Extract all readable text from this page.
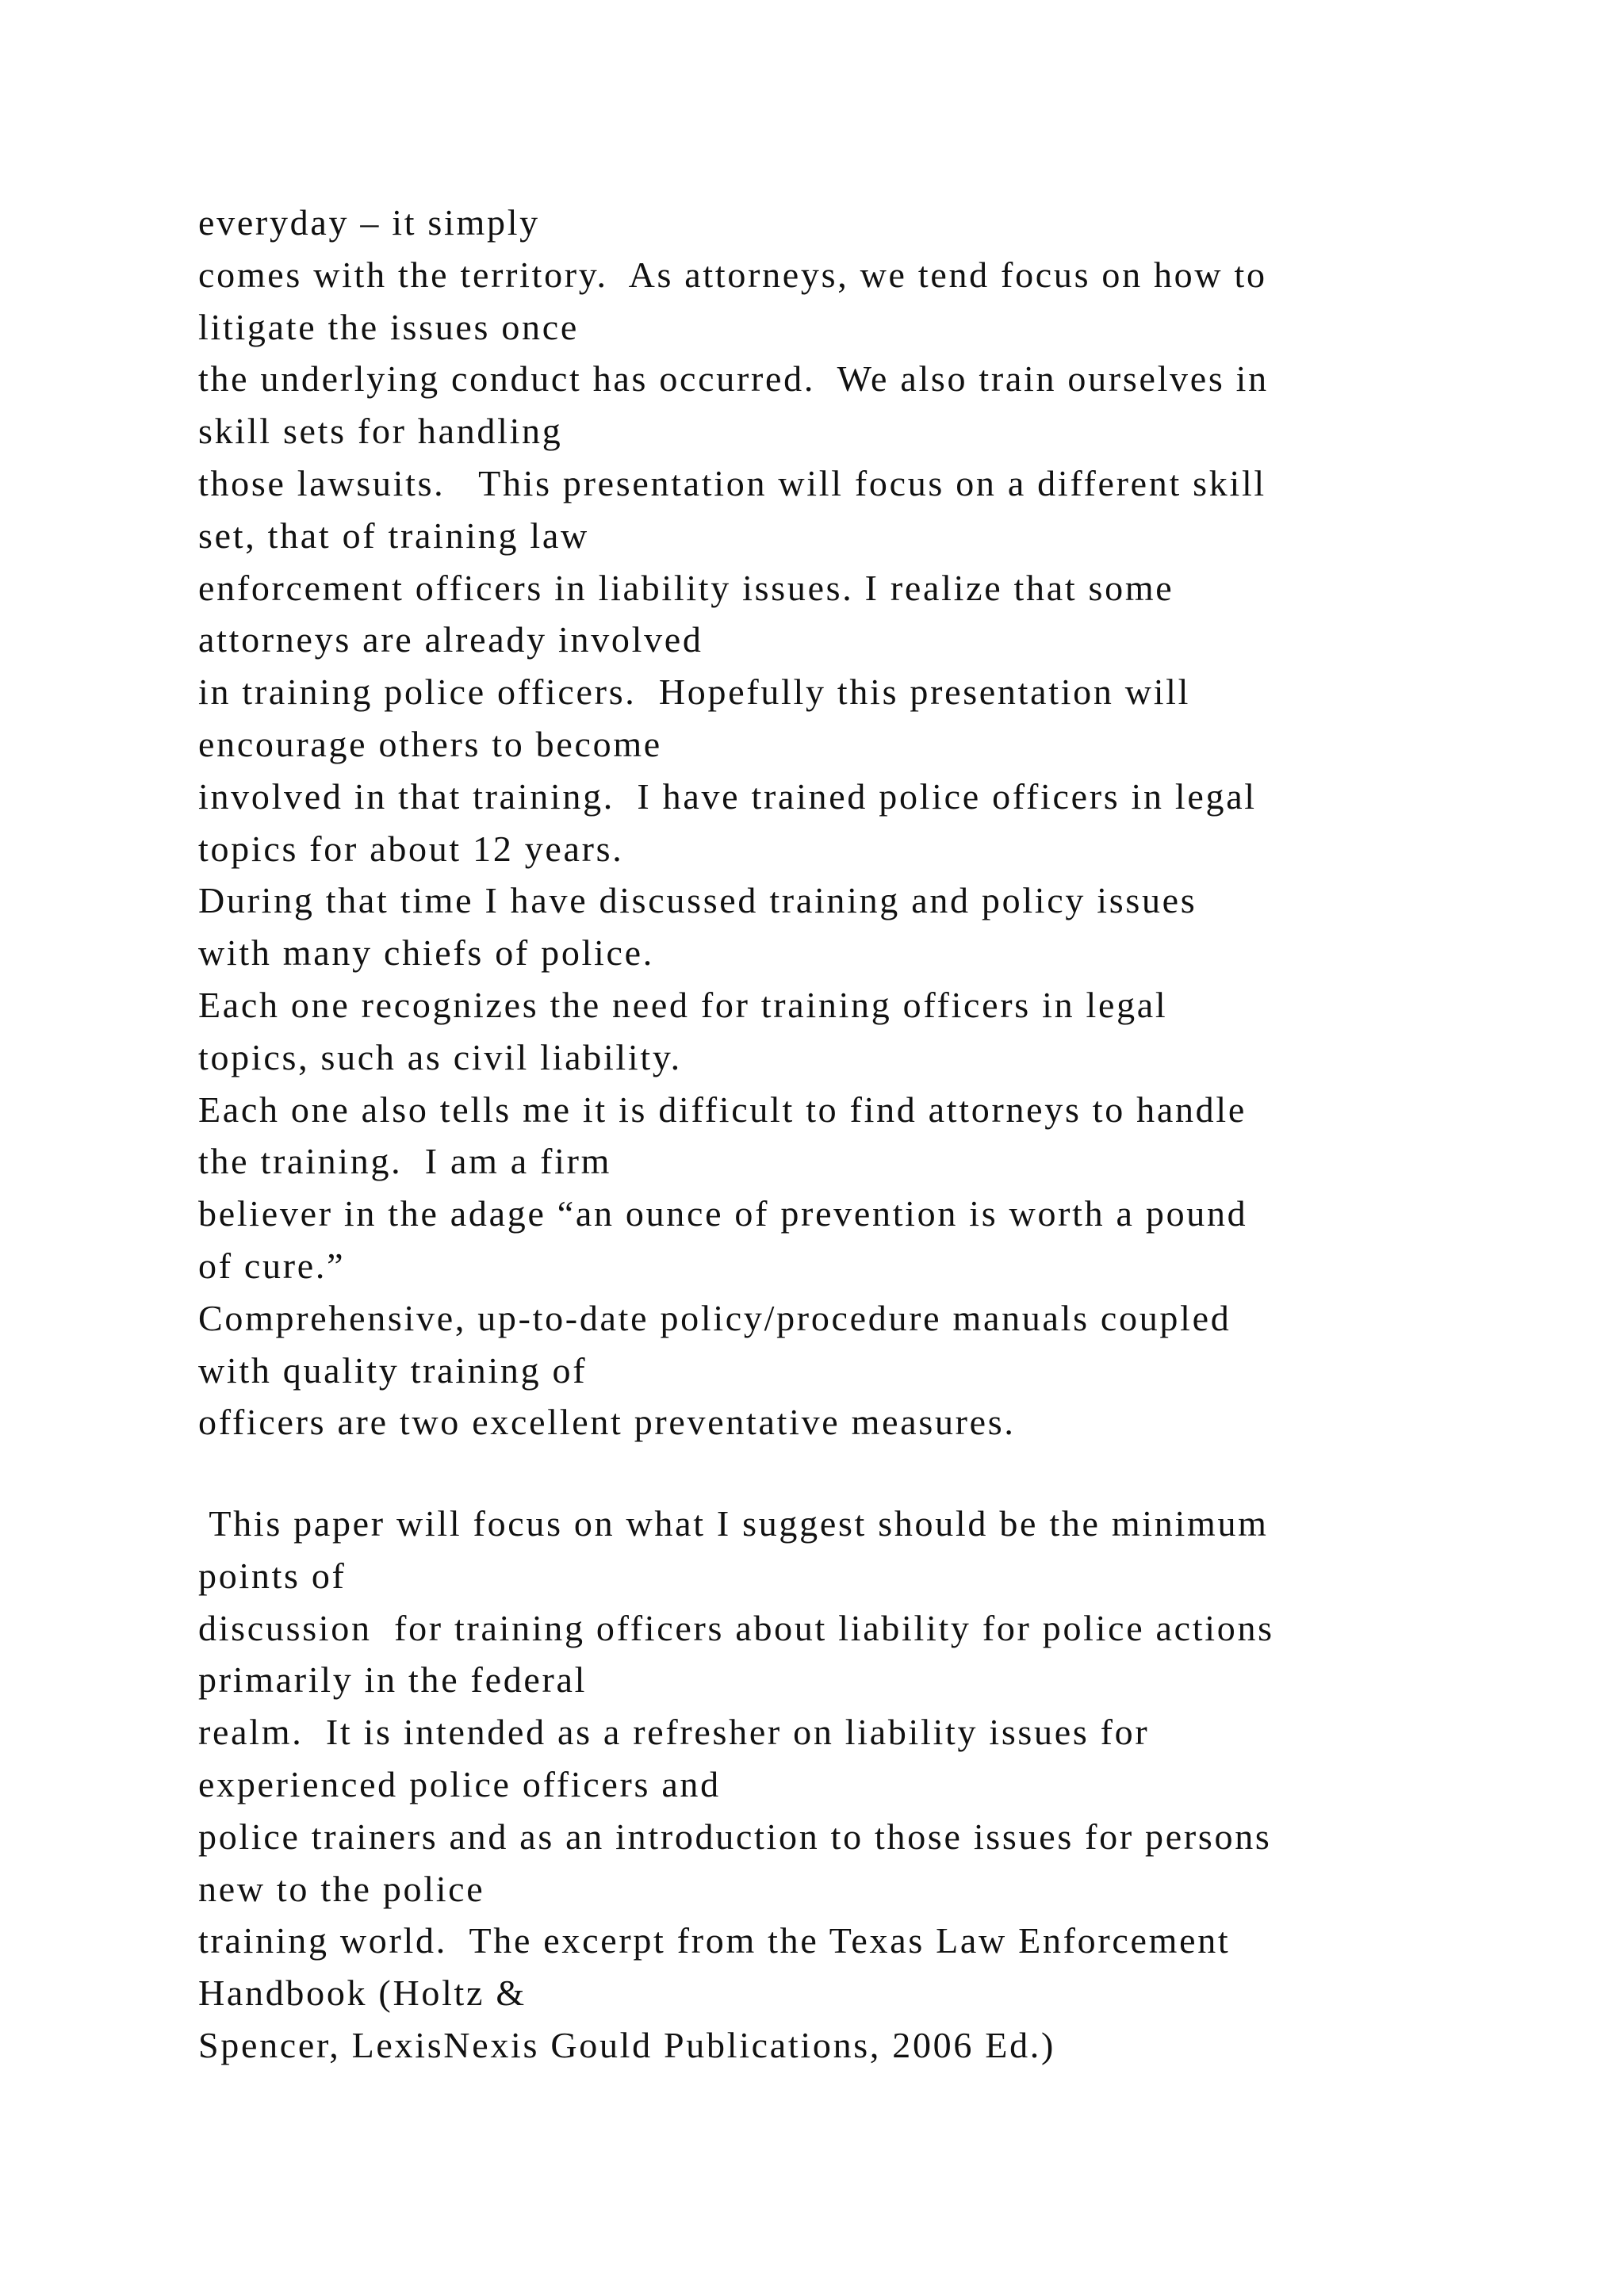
everyday – it simply
comes with the territory.  As attorneys, we tend focus on how to
litigate the issues once
the underlying conduct has occurred.  We also train ourselves in
skill sets for handling
those lawsuits.   This presentation will focus on a different skill
set, that of training law
enforcement officers in liability issues. I realize that some
attorneys are already involved
in training police officers.  Hopefully this presentation will
encourage others to become
involved in that training.  I have trained police officers in legal
topics for about 12 years.
During that time I have discussed training and policy issues
with many chiefs of police.
Each one recognizes the need for training officers in legal
topics, such as civil liability.
Each one also tells me it is difficult to find attorneys to handle
the training.  I am a firm
believer in the adage “an ounce of prevention is worth a pound
of cure.”
Comprehensive, up-to-date policy/procedure manuals coupled
with quality training of
officers are two excellent preventative measures.
This paper will focus on what I suggest should be the minimum
points of
discussion  for training officers about liability for police actions
primarily in the federal
realm.  It is intended as a refresher on liability issues for
experienced police officers and
police trainers and as an introduction to those issues for persons
new to the police
training world.  The excerpt from the Texas Law Enforcement
Handbook (Holtz &
Spencer, LexisNexis Gould Publications, 2006 Ed.)
